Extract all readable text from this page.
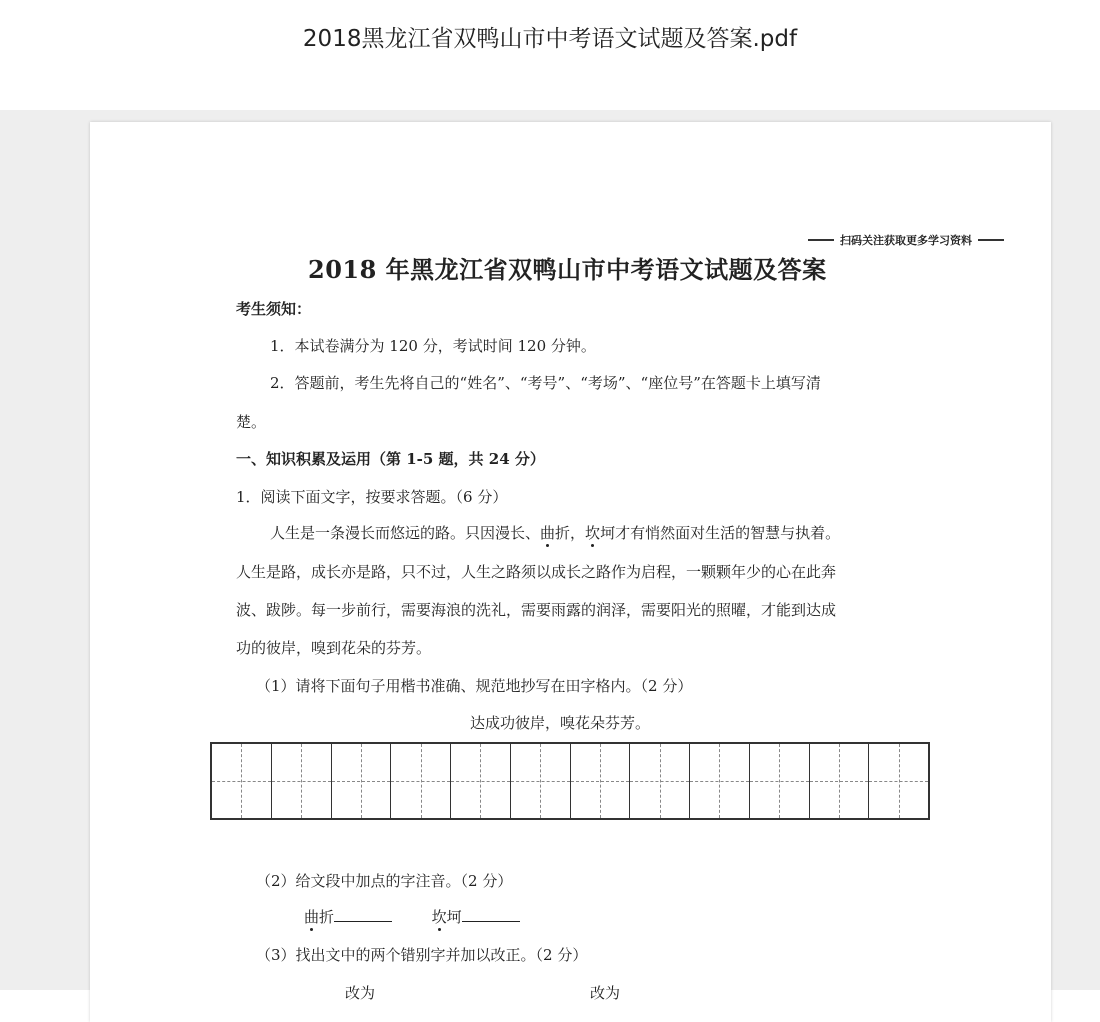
2018黑龙江省双鸭山市中考语文试题及答案.pdf
扫码关注获取更多学习资料
2018 年黑龙江省双鸭山市中考语文试题及答案
考生须知：
1．本试卷满分为 120 分，考试时间 120 分钟。
2．答题前，考生先将自己的“姓名”、“考号”、“考场”、“座位号”在答题卡上填写清
楚。
一、知识积累及运用（第 1-5 题，共 24 分）
1．阅读下面文字，按要求答题。（6 分）
人生是一条漫长而悠远的路。只因漫长、曲折，坎坷才有悄然面对生活的智慧与执着。
人生是路，成长亦是路，只不过，人生之路须以成长之路作为启程，一颗颗年少的心在此奔
波、跋陟。每一步前行，需要海浪的洗礼，需要雨露的润泽，需要阳光的照曜，才能到达成
功的彼岸，嗅到花朵的芬芳。
（1）请将下面句子用楷书准确、规范地抄写在田字格内。（2 分）
达成功彼岸，嗅花朵芬芳。
（2）给文段中加点的字注音。（2 分）
曲折	坎坷
（3）找出文中的两个错别字并加以改正。（2 分）
改为	改为
